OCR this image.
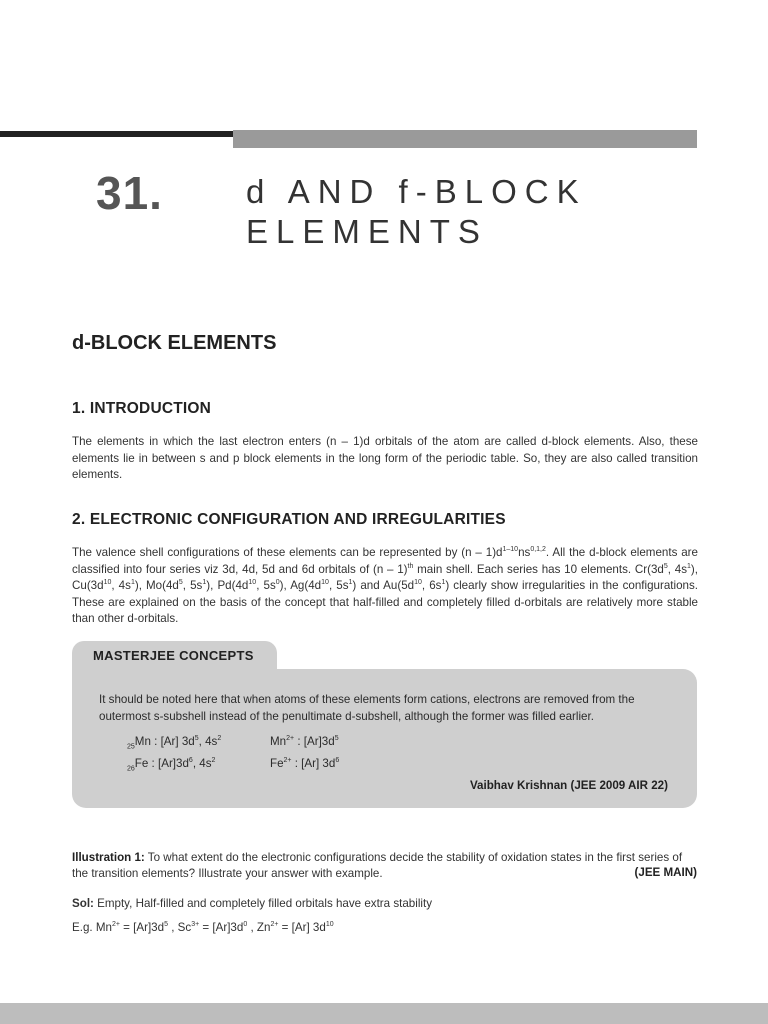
31.	d AND f-BLOCK
ELEMENTS
d-BLOCK ELEMENTS
1. INTRODUCTION

The elements in which the last electron enters (n – 1)d orbitals of the atom are called d-block elements. Also, these elements lie in between s and p block elements in the long form of the periodic table. So, they are also called transition elements.

2. ELECTRONIC CONFIGURATION AND IRREGULARITIES

The valence shell configurations of these elements can be represented by $(n - 1)d^{1-10}ns^{0,1,2}$. All the d-block elements are classified into four series viz 3d, 4d, 5d and 6d orbitals of (n – 1)$^{th}$ main shell. Each series has 10 elements. $Cr(3d^5$, $4s^1$), $Cu(3d^{10}$, $4s^1$), $Mo(4d^5$, $5s^1$), $Pd(4d^{10}$, $5s^0$), $Ag(4d^{10}$, $5s^1$) and $Au(5d^{10}$, $6s^1$) clearly show irregularities in the configurations. These are explained on the basis of the concept that half-filled and completely filled d-orbitals are relatively more stable than other d-orbitals.

MASTERJEE CONCEPTS

It should be noted here that when atoms of these elements form cations, electrons are removed from the outermost s-subshell instead of the penultimate d-subshell, although the former was filled earlier.

$_{25}$Mn : [Ar] $3d^5$, $4s^2$	$Mn^{2+}$ : $[Ar]3d^5$
$_{26}$Fe : $[Ar]3d^6$, $4s^2$	$Fe^{2+}$ : [Ar] $3d^6$
Vaibhav Krishnan (JEE 2009 AIR 22)

Illustration 1: To what extent do the electronic configurations decide the stability of oxidation states in the first series of the transition elements? Illustrate your answer with example.	(JEE MAIN)

Sol: Empty, Half-filled and completely filled orbitals have extra stability

E.g. $Mn^{2+} = [Ar]3d^5$ , $Sc^{3+} = [Ar]3d^0$ , $Zn^{2+} = [Ar]$ $3d^{10}$
